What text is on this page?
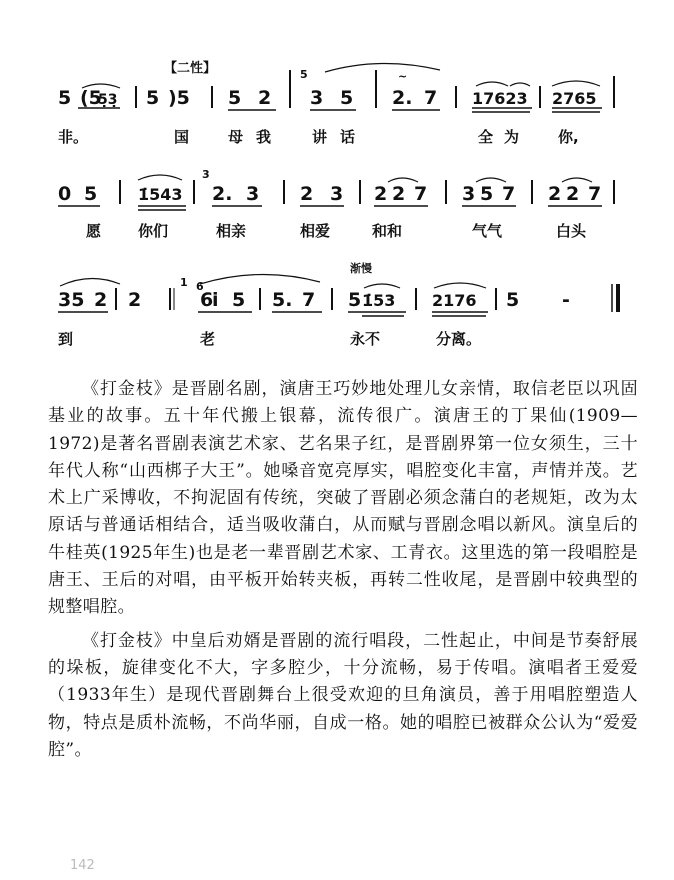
【二性】
5 (5
5̣3̣ 5 )5 5 2
5
3 5
~
2. 7 17623 2765
非。	国	母 我	讲 话	全 为	你,
0 5	1̇543
3
2. 3 2 3 2 2 7 3 5 7 2 2 7
愿 你们	相亲	相爱	和和	气气	白头
渐慢
35 2 2
1 6
6
i 5 5. 7 5 1̇53 2176 5 -
到	老	永不	分离。

《打金枝》是晋剧名剧，演唐王巧妙地处理儿女亲情，取信老臣以巩固基业的故事。五十年代搬上银幕，流传很广。演唐王的丁果仙(1909—1972)是著名晋剧表演艺术家、艺名果子红，是晋剧界第一位女须生，三十年代人称“山西梆子大王”。她嗓音宽亮厚实，唱腔变化丰富，声情并茂。艺术上广采博收，不拘泥固有传统，突破了晋剧必须念蒲白的老规矩，改为太原话与普通话相结合，适当吸收蒲白，从而赋与晋剧念唱以新风。演皇后的牛桂英(1925年生)也是老一辈晋剧艺术家、工青衣。这里选的第一段唱腔是唐王、王后的对唱，由平板开始转夹板，再转二性收尾，是晋剧中较典型的规整唱腔。

《打金枝》中皇后劝婿是晋剧的流行唱段，二性起止，中间是节奏舒展的垛板，旋律变化不大，字多腔少，十分流畅，易于传唱。演唱者王爱爱（1933年生）是现代晋剧舞台上很受欢迎的旦角演员，善于用唱腔塑造人物，特点是质朴流畅，不尚华丽，自成一格。她的唱腔已被群众公认为“爱爱腔”。

142
